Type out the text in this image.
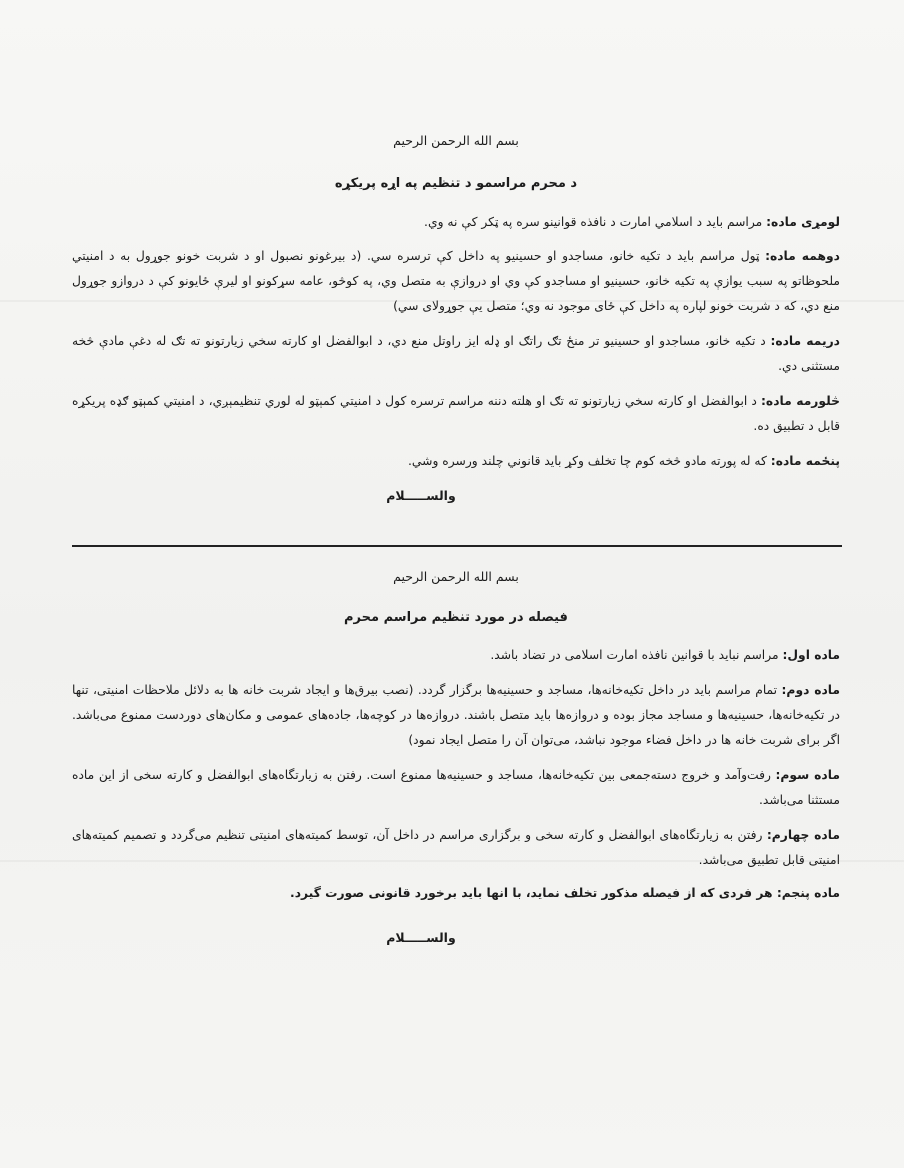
بسم الله الرحمن الرحیم

د محرم مراسمو د تنظیم په اړه پریکړه

لومړی ماده: مراسم باید د اسلامي امارت د نافذه قوانینو سره په ټکر کې نه وي.

دوهمه ماده: ټول مراسم باید د تکیه خانو، مساجدو او حسینیو په داخل کې ترسره سي. (د بیرغونو نصبول او د شربت خونو جوړول به د امنیتي ملحوظاتو په سبب یوازې په تکیه خانو، حسینیو او مساجدو کې وي او دروازې به متصل وي، په کوڅو، عامه سړکونو او لیرې ځایونو کې د دروازو جوړول منع دي، که د شربت خونو لپاره په داخل کې ځای موجود نه وي؛ متصل یې جوړولای سي)

دریمه ماده: د تکیه خانو، مساجدو او حسینیو تر منځ تګ راتګ او ډله ایز راوتل منع دي، د ابوالفضل او کارته سخي زیارتونو ته تګ له دغې مادې څخه مستثنی دي.

څلورمه ماده: د ابوالفضل او کارته سخي زیارتونو ته تګ او هلته دننه مراسم ترسره کول د امنیتي کمېټو له لوري تنظیمېږي، د امنیتي کمېټو ګډه پریکړه قابل د تطبیق ده.

پنځمه ماده: که له پورته مادو څخه کوم چا تخلف وکړ باید قانوني چلند ورسره وشي.

والســـــلام

بسم الله الرحمن الرحیم

فیصله در مورد تنظیم مراسم محرم

ماده اول: مراسم نباید با قوانین نافذه امارت اسلامی در تضاد باشد.

ماده دوم: تمام مراسم باید در داخل تکیه‌خانه‌ها، مساجد و حسینیه‌ها برگزار گردد. (نصب بیرق‌ها و ایجاد شربت خانه ها به دلائل ملاحظات امنیتی، تنها در تکیه‌خانه‌ها، حسینیه‌ها و مساجد مجاز بوده و دروازه‌ها باید متصل باشند. دروازه‌ها در کوچه‌ها، جاده‌های عمومی و مکان‌های دوردست ممنوع می‌باشد. اگر برای شربت خانه ها در داخل فضاء موجود نباشد، می‌توان آن را متصل ایجاد نمود)

ماده سوم: رفت‌وآمد و خروج دسته‌جمعی بین تکیه‌خانه‌ها، مساجد و حسینیه‌ها ممنوع است. رفتن به زیارتگاه‌های ابوالفضل و کارته سخی از این ماده مستثنا می‌باشد.

ماده چهارم: رفتن به زیارتگاه‌های ابوالفضل و کارته سخی و برگزاری مراسم در داخل آن، توسط کمیته‌های امنیتی تنظیم می‌گردد و تصمیم کمیته‌های امنیتی قابل تطبیق می‌باشد.

ماده پنجم: هر فردی که از فیصله مذکور تخلف نماید، با انها باید برخورد قانونی صورت گیرد.

والســـــلام
